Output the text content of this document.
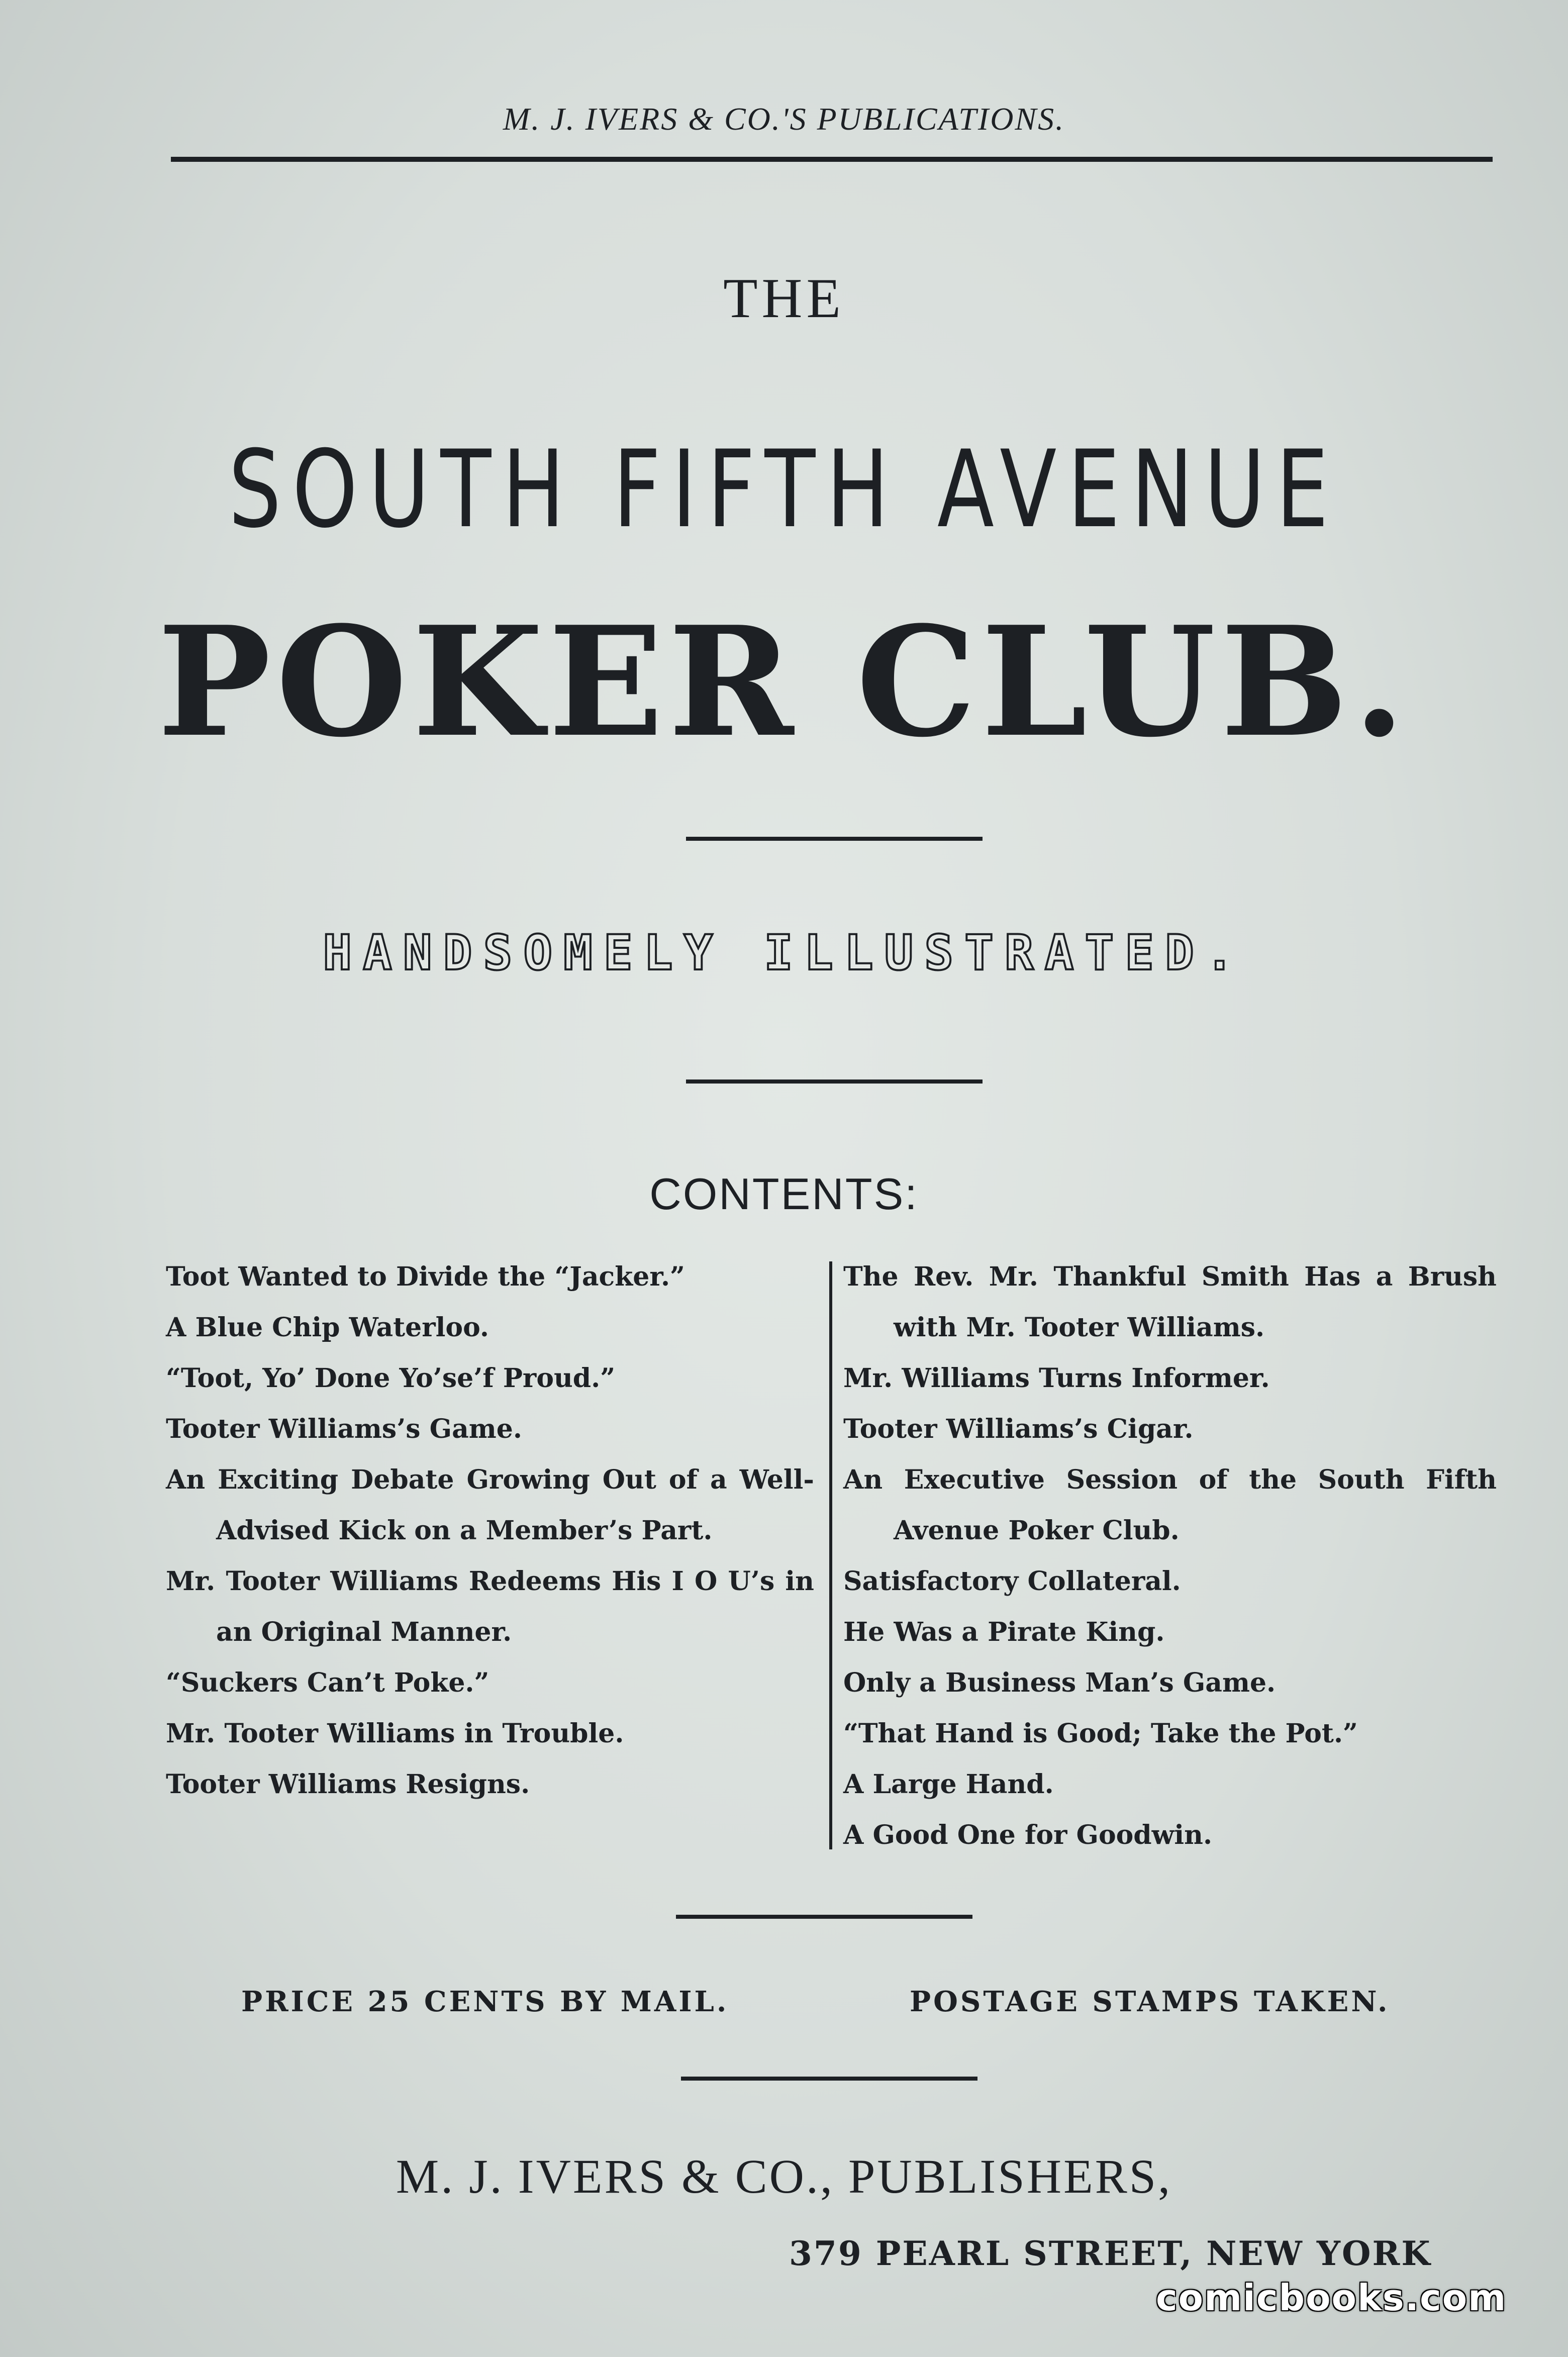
M. J. IVERS & CO.'S PUBLICATIONS.
THE
SOUTH FIFTH AVENUE
POKER CLUB.
HANDSOMELY ILLUSTRATED.
CONTENTS:
Toot Wanted to Divide the “Jacker.”
A Blue Chip Waterloo.
“Toot, Yo’ Done Yo’se’f Proud.”
Tooter Williams’s Game.
An Exciting Debate Growing Out of a Well-Advised Kick on a Member’s Part.
Mr. Tooter Williams Redeems His I O U’s in an Original Manner.
“Suckers Can’t Poke.”
Mr. Tooter Williams in Trouble.
Tooter Williams Resigns.
The Rev. Mr. Thankful Smith Has a Brush with Mr. Tooter Williams.
Mr. Williams Turns Informer.
Tooter Williams’s Cigar.
An Executive Session of the South Fifth Avenue Poker Club.
Satisfactory Collateral.
He Was a Pirate King.
Only a Business Man’s Game.
“That Hand is Good; Take the Pot.”
A Large Hand.
A Good One for Goodwin.
PRICE 25 CENTS BY MAIL.	POSTAGE STAMPS TAKEN.
M. J. IVERS & CO., PUBLISHERS,
379 PEARL STREET, NEW YORK
comicbooks.com
